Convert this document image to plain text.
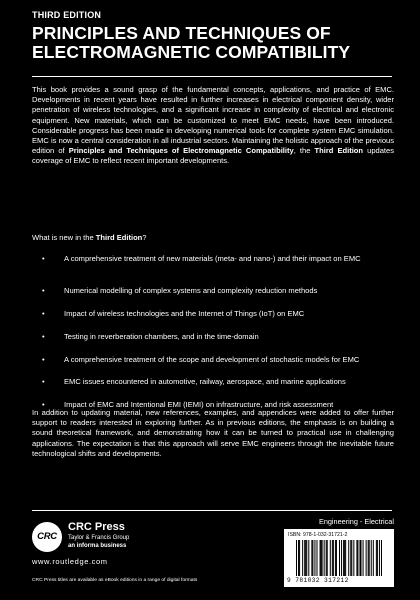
THIRD EDITION
PRINCIPLES AND TECHNIQUES OF
ELECTROMAGNETIC COMPATIBILITY
This book provides a sound grasp of the fundamental concepts, applications, and practice of EMC. Developments in recent years have resulted in further increases in electrical component density, wider penetration of wireless technologies, and a significant increase in complexity of electrical and electronic equipment. New materials, which can be customized to meet EMC needs, have been introduced. Considerable progress has been made in developing numerical tools for complete system EMC simulation. EMC is now a central consideration in all industrial sectors. Maintaining the holistic approach of the previous edition of Principles and Techniques of Electromagnetic Compatibility, the Third Edition updates coverage of EMC to reflect recent important developments.
What is new in the Third Edition?
• A comprehensive treatment of new materials (meta- and nano-) and their impact on EMC
• Numerical modelling of complex systems and complexity reduction methods
• Impact of wireless technologies and the Internet of Things (IoT) on EMC
• Testing in reverberation chambers, and in the time-domain
• A comprehensive treatment of the scope and development of stochastic models for EMC
• EMC issues encountered in automotive, railway, aerospace, and marine applications
• Impact of EMC and Intentional EMI (IEMI) on infrastructure, and risk assessment
In addition to updating material, new references, examples, and appendices were added to offer further support to readers interested in exploring further. As in previous editions, the emphasis is on building a sound theoretical framework, and demonstrating how it can be turned to practical use in challenging applications. The expectation is that this approach will serve EMC engineers through the inevitable future technological shifts and developments.
CRC
CRC Press
Taylor & Francis Group
an informa business
www.routledge.com
CRC Press titles are available as eBook editions in a range of digital formats
Engineering - Electrical
ISBN: 978-1-032-31721-2
9 781032 317212
